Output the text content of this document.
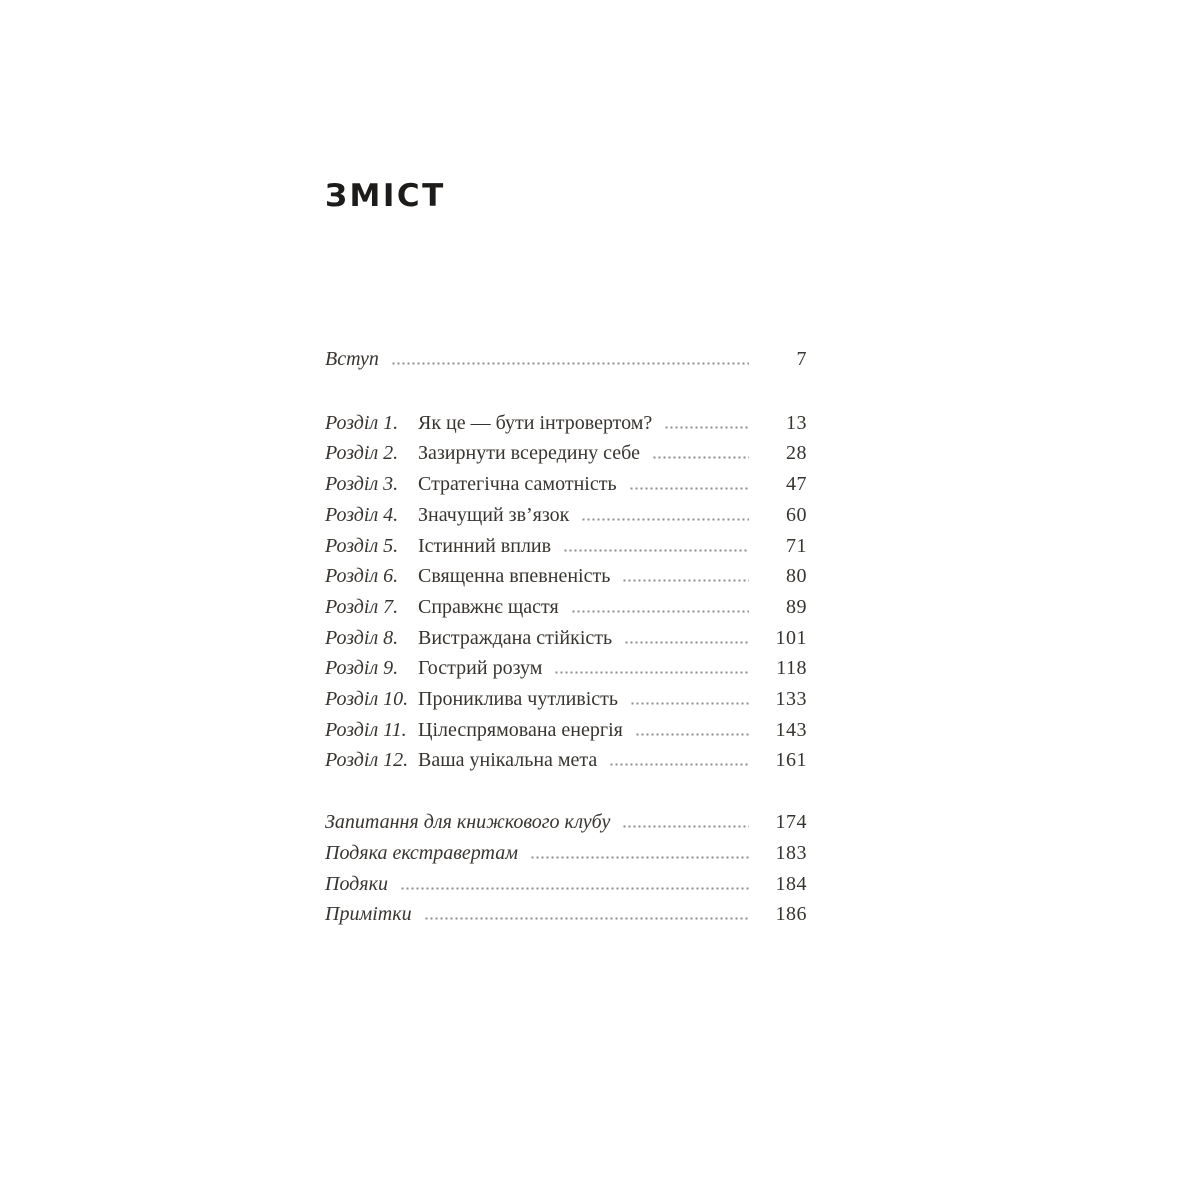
ЗМІСТ
Вступ	7
Розділ 1. Як це — бути інтровертом?	13
Розділ 2. Зазирнути всередину себе	28
Розділ 3. Стратегічна самотність	47
Розділ 4. Значущий зв’язок	60
Розділ 5. Істинний вплив	71
Розділ 6. Священна впевненість	80
Розділ 7. Справжнє щастя	89
Розділ 8. Вистраждана стійкість	101
Розділ 9. Гострий розум	118
Розділ 10. Прониклива чутливість	133
Розділ 11. Цілеспрямована енергія	143
Розділ 12. Ваша унікальна мета	161
Запитання для книжкового клубу	174
Подяка екстравертам	183
Подяки	184
Примітки	186
